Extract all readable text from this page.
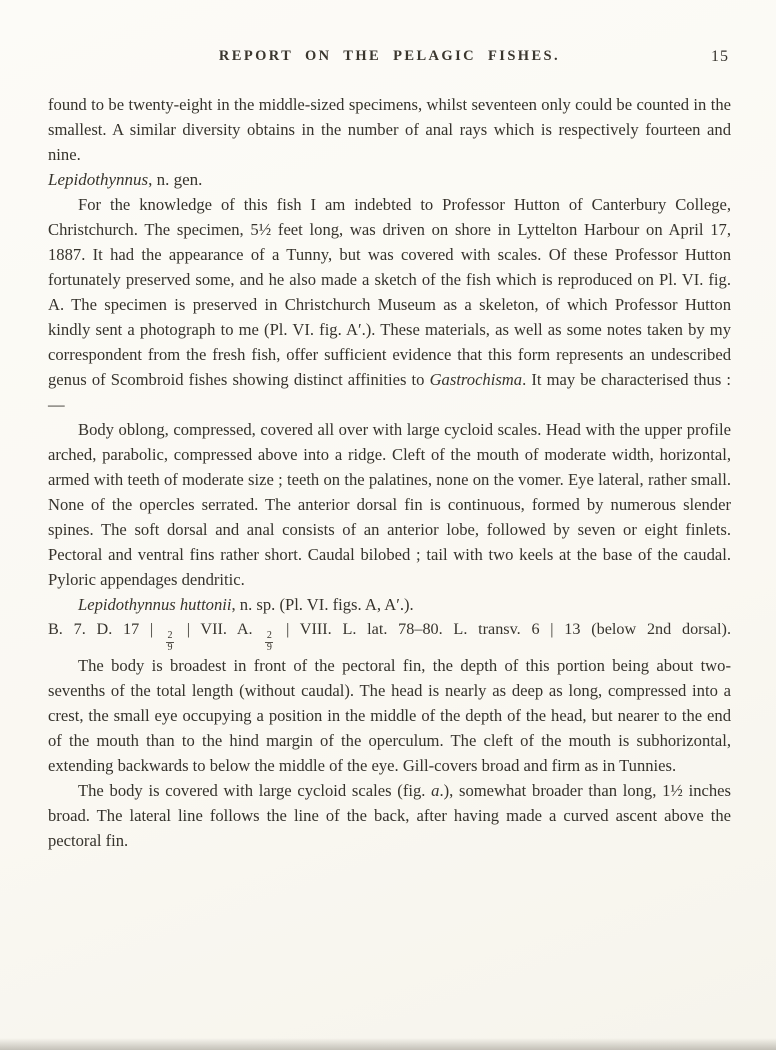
REPORT ON THE PELAGIC FISHES.	15

found to be twenty-eight in the middle-sized specimens, whilst seventeen only could be counted in the smallest. A similar diversity obtains in the number of anal rays which is respectively fourteen and nine.

Lepidothynnus, n. gen.

For the knowledge of this fish I am indebted to Professor Hutton of Canterbury College, Christchurch. The specimen, 5½ feet long, was driven on shore in Lyttelton Harbour on April 17, 1887. It had the appearance of a Tunny, but was covered with scales. Of these Professor Hutton fortunately preserved some, and he also made a sketch of the fish which is reproduced on Pl. VI. fig. A. The specimen is preserved in Christchurch Museum as a skeleton, of which Professor Hutton kindly sent a photograph to me (Pl. VI. fig. A′.). These materials, as well as some notes taken by my correspondent from the fresh fish, offer sufficient evidence that this form represents an undescribed genus of Scombroid fishes showing distinct affinities to Gastrochisma. It may be characterised thus :—

Body oblong, compressed, covered all over with large cycloid scales. Head with the upper profile arched, parabolic, compressed above into a ridge. Cleft of the mouth of moderate width, horizontal, armed with teeth of moderate size ; teeth on the palatines, none on the vomer. Eye lateral, rather small. None of the opercles serrated. The anterior dorsal fin is continuous, formed by numerous slender spines. The soft dorsal and anal consists of an anterior lobe, followed by seven or eight finlets. Pectoral and ventral fins rather short. Caudal bilobed ; tail with two keels at the base of the caudal. Pyloric appendages dendritic.

Lepidothynnus huttonii, n. sp. (Pl. VI. figs. A, A′.).

B. 7. D. 17 |
$\frac{2}{9}$
| VII. A.
$\frac{2}{9}$
| VIII. L. lat. 78–80. L. transv. 6 | 13 (below 2nd dorsal).

The body is broadest in front of the pectoral fin, the depth of this portion being about two-sevenths of the total length (without caudal). The head is nearly as deep as long, compressed into a crest, the small eye occupying a position in the middle of the depth of the head, but nearer to the end of the mouth than to the hind margin of the operculum. The cleft of the mouth is subhorizontal, extending backwards to below the middle of the eye. Gill-covers broad and firm as in Tunnies.

The body is covered with large cycloid scales (fig. a.), somewhat broader than long, 1½ inches broad. The lateral line follows the line of the back, after having made a curved ascent above the pectoral fin.
